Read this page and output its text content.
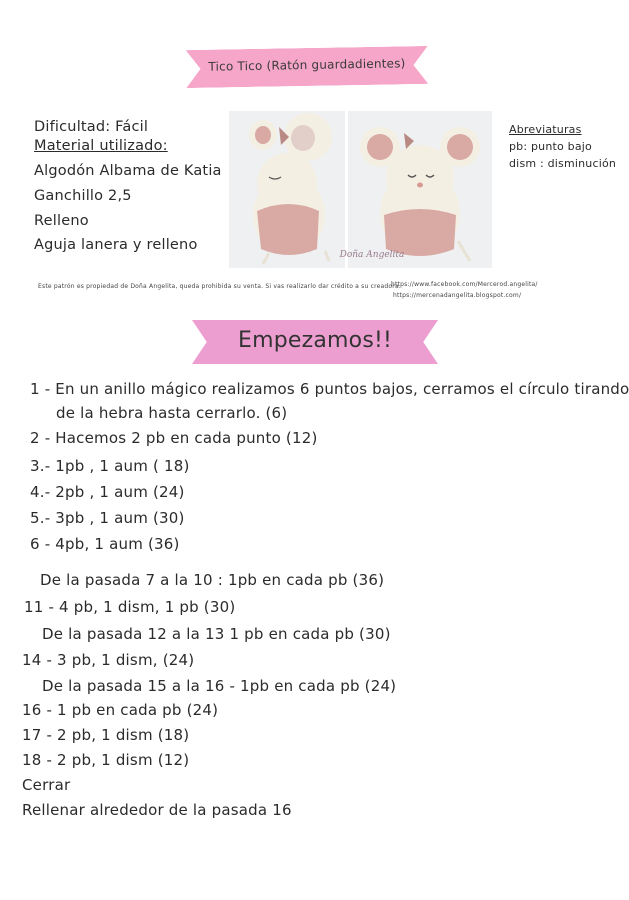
Tico Tico (Ratón guardadientes)
Dificultad: Fácil
Material utilizado:
Algodón Albama de Katia
Ganchillo 2,5
Relleno
Aguja lanera y relleno
Doña Angelita
Abreviaturas
pb: punto bajo
dism : disminución
Este patrón es propiedad de Doña Angelita, queda prohibida su venta. Si vas realizarlo dar crédito a su creadora.
https://www.facebook.com/Mercerod.angelita/
https://mercenadangelita.blogspot.com/
Empezamos!!
1 - En un anillo mágico realizamos 6 puntos bajos, cerramos el círculo tirando
de la hebra hasta cerrarlo. (6)
2 - Hacemos 2 pb en cada punto (12)
3.- 1pb , 1 aum ( 18)
4.- 2pb , 1 aum (24)
5.- 3pb , 1 aum (30)
6 - 4pb, 1 aum (36)
De la pasada 7 a la 10 : 1pb en cada pb (36)
11 - 4 pb, 1 dism, 1 pb (30)
De la pasada 12 a la 13 1 pb en cada pb (30)
14 - 3 pb, 1 dism, (24)
De la pasada 15 a la 16 - 1pb en cada pb (24)
16 - 1 pb en cada pb (24)
17 - 2 pb, 1 dism (18)
18 - 2 pb, 1 dism (12)
Cerrar
Rellenar alrededor de la pasada 16
